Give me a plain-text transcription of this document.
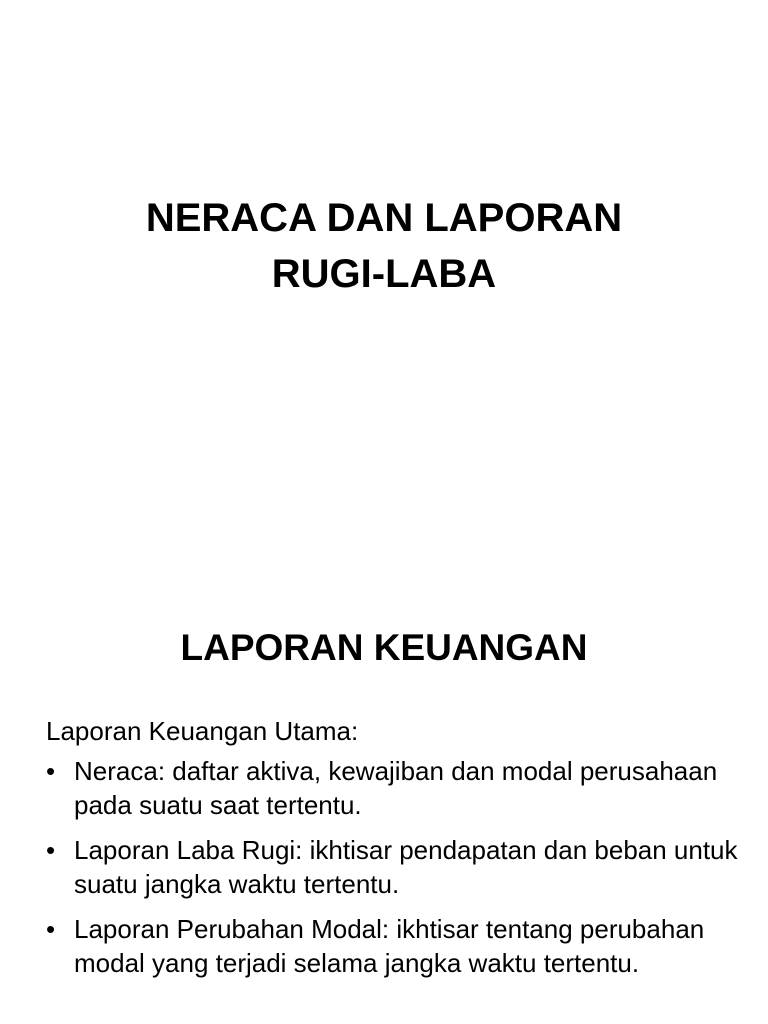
NERACA DAN LAPORAN
RUGI-LABA
LAPORAN KEUANGAN

Laporan Keuangan Utama:

• Neraca: daftar aktiva, kewajiban dan modal perusahaan pada suatu saat tertentu.
• Laporan Laba Rugi: ikhtisar pendapatan dan beban untuk suatu jangka waktu tertentu.
• Laporan Perubahan Modal: ikhtisar tentang perubahan modal yang terjadi selama jangka waktu tertentu.
